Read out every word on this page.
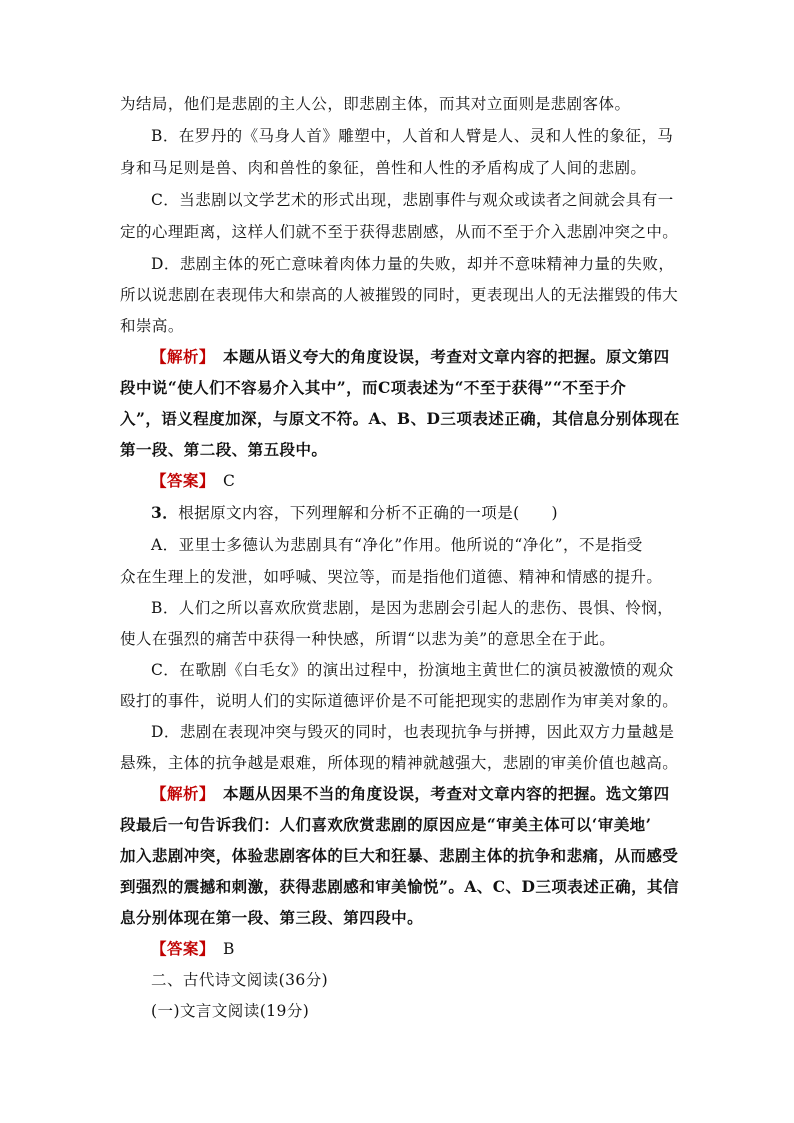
为结局，他们是悲剧的主人公，即悲剧主体，而其对立面则是悲剧客体。
B．在罗丹的《马身人首》雕塑中，人首和人臂是人、灵和人性的象征，马
身和马足则是兽、肉和兽性的象征，兽性和人性的矛盾构成了人间的悲剧。
C．当悲剧以文学艺术的形式出现，悲剧事件与观众或读者之间就会具有一
定的心理距离，这样人们就不至于获得悲剧感，从而不至于介入悲剧冲突之中。
D．悲剧主体的死亡意味着肉体力量的失败，却并不意味精神力量的失败，
所以说悲剧在表现伟大和崇高的人被摧毁的同时，更表现出人的无法摧毁的伟大
和崇高。
【解析】　本题从语义夸大的角度设误，考查对文章内容的把握。原文第四
段中说“使人们不容易介入其中”，而C项表述为“不至于获得”“不至于介
入”，语义程度加深，与原文不符。A、B、D三项表述正确，其信息分别体现在
第一段、第二段、第五段中。
【答案】　C
3．根据原文内容，下列理解和分析不正确的一项是(　　)
A．亚里士多德认为悲剧具有“净化”作用。他所说的“净化”，不是指受
众在生理上的发泄，如呼喊、哭泣等，而是指他们道德、精神和情感的提升。
B．人们之所以喜欢欣赏悲剧，是因为悲剧会引起人的悲伤、畏惧、怜悯，
使人在强烈的痛苦中获得一种快感，所谓“以悲为美”的意思全在于此。
C．在歌剧《白毛女》的演出过程中，扮演地主黄世仁的演员被激愤的观众
殴打的事件，说明人们的实际道德评价是不可能把现实的悲剧作为审美对象的。
D．悲剧在表现冲突与毁灭的同时，也表现抗争与拼搏，因此双方力量越是
悬殊，主体的抗争越是艰难，所体现的精神就越强大，悲剧的审美价值也越高。
【解析】　本题从因果不当的角度设误，考查对文章内容的把握。选文第四
段最后一句告诉我们：人们喜欢欣赏悲剧的原因应是“审美主体可以‘审美地’
加入悲剧冲突，体验悲剧客体的巨大和狂暴、悲剧主体的抗争和悲痛，从而感受
到强烈的震撼和刺激，获得悲剧感和审美愉悦”。A、C、D三项表述正确，其信
息分别体现在第一段、第三段、第四段中。
【答案】　B
二、古代诗文阅读(36分)
(一)文言文阅读(19分)
